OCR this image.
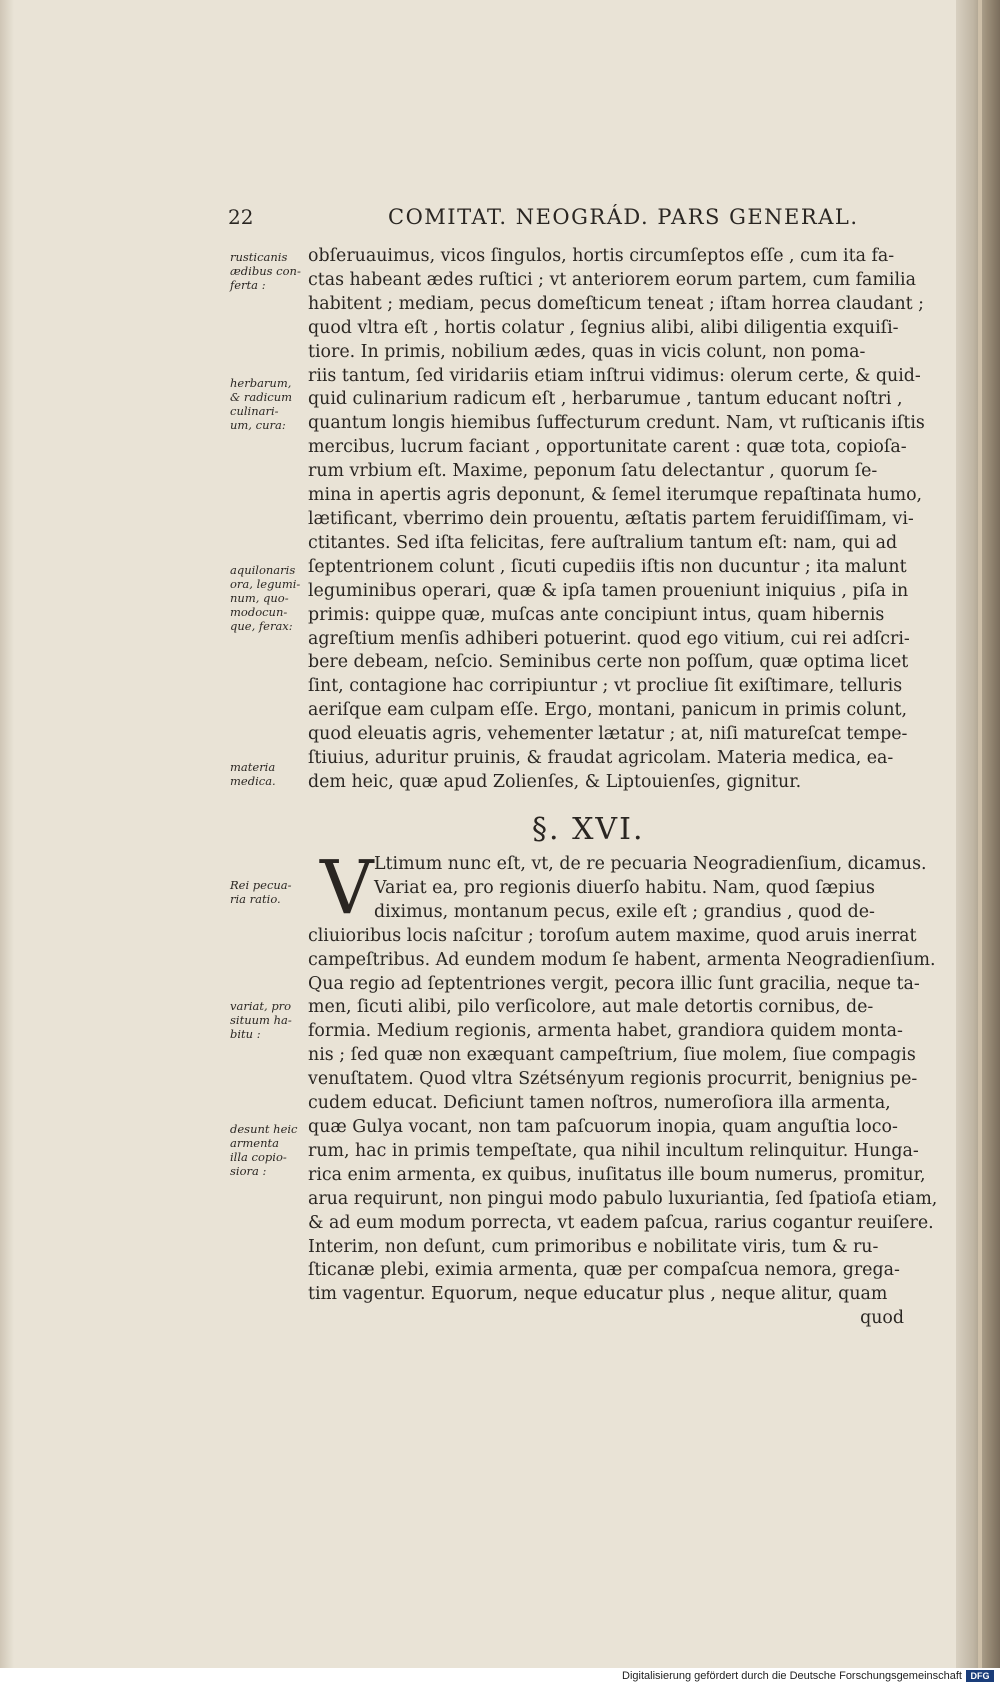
22	COMITAT. NEOGRÁD. PARS GENERAL.
rusticanis
ædibus con-
ferta :
herbarum,
& radicum
culinari-
um, cura:
aquilonaris
ora, legumi-
num, quo-
modocun-
que, ferax:
materia
medica.
Rei pecua-
ria ratio.
variat, pro
situum ha-
bitu :
desunt heic
armenta
illa copio-
siora :
obſeruauimus, vicos ſingulos, hortis circumſeptos eſſe , cum ita fa-
ctas habeant ædes ruſtici ; vt anteriorem eorum partem, cum familia
habitent ; mediam, pecus domeſticum teneat ; iſtam horrea claudant ;
quod vltra eſt , hortis colatur , ſegnius alibi, alibi diligentia exquiſi-
tiore. In primis, nobilium ædes, quas in vicis colunt, non poma-
riis tantum, ſed viridariis etiam inſtrui vidimus: olerum certe, & quid-
quid culinarium radicum eſt , herbarumue , tantum educant noſtri ,
quantum longis hiemibus ſuffecturum credunt. Nam, vt ruſticanis iſtis
mercibus, lucrum faciant , opportunitate carent : quæ tota, copioſa-
rum vrbium eſt. Maxime, peponum ſatu delectantur , quorum ſe-
mina in apertis agris deponunt, & ſemel iterumque repaſtinata humo,
lætificant, vberrimo dein prouentu, æſtatis partem feruidiſſimam, vi-
ctitantes. Sed iſta felicitas, fere auſtralium tantum eſt: nam, qui ad
ſeptentrionem colunt , ſicuti cupediis iſtis non ducuntur ; ita malunt
leguminibus operari, quæ & ipſa tamen proueniunt iniquius , piſa in
primis: quippe quæ, muſcas ante concipiunt intus, quam hibernis
agreſtium menſis adhiberi potuerint. quod ego vitium, cui rei adſcri-
bere debeam, neſcio. Seminibus certe non poſſum, quæ optima licet
ſint, contagione hac corripiuntur ; vt procliue ſit exiſtimare, telluris
aeriſque eam culpam eſſe. Ergo, montani, panicum in primis colunt,
quod eleuatis agris, vehementer lætatur ; at, niſi matureſcat tempe-
ſtiuius, aduritur pruinis, & fraudat agricolam. Materia medica, ea-
dem heic, quæ apud Zolienſes, & Liptouienſes, gignitur.
§. XVI.
V Ltimum nunc eſt, vt, de re pecuaria Neogradienſium, dicamus.
Variat ea, pro regionis diuerſo habitu. Nam, quod ſæpius
diximus, montanum pecus, exile eſt ; grandius , quod de-
cliuioribus locis naſcitur ; toroſum autem maxime, quod aruis inerrat
campeſtribus. Ad eundem modum ſe habent, armenta Neogradienſium.
Qua regio ad ſeptentriones vergit, pecora illic ſunt gracilia, neque ta-
men, ſicuti alibi, pilo verſicolore, aut male detortis cornibus, de-
formia. Medium regionis, armenta habet, grandiora quidem monta-
nis ; ſed quæ non exæquant campeſtrium, ſiue molem, ſiue compagis
venuſtatem. Quod vltra Szétsényum regionis procurrit, benignius pe-
cudem educat. Deficiunt tamen noſtros, numeroſiora illa armenta,
quæ Gulya vocant, non tam paſcuorum inopia, quam anguſtia loco-
rum, hac in primis tempeſtate, qua nihil incultum relinquitur. Hunga-
rica enim armenta, ex quibus, inuſitatus ille boum numerus, promitur,
arua requirunt, non pingui modo pabulo luxuriantia, ſed ſpatioſa etiam,
& ad eum modum porrecta, vt eadem paſcua, rarius cogantur reuiſere.
Interim, non deſunt, cum primoribus e nobilitate viris, tum & ru-
ſticanæ plebi, eximia armenta, quæ per compaſcua nemora, grega-
tim vagentur. Equorum, neque educatur plus , neque alitur, quam
quod
Digitalisierung gefördert durch die Deutsche Forschungsgemeinschaft DFG
